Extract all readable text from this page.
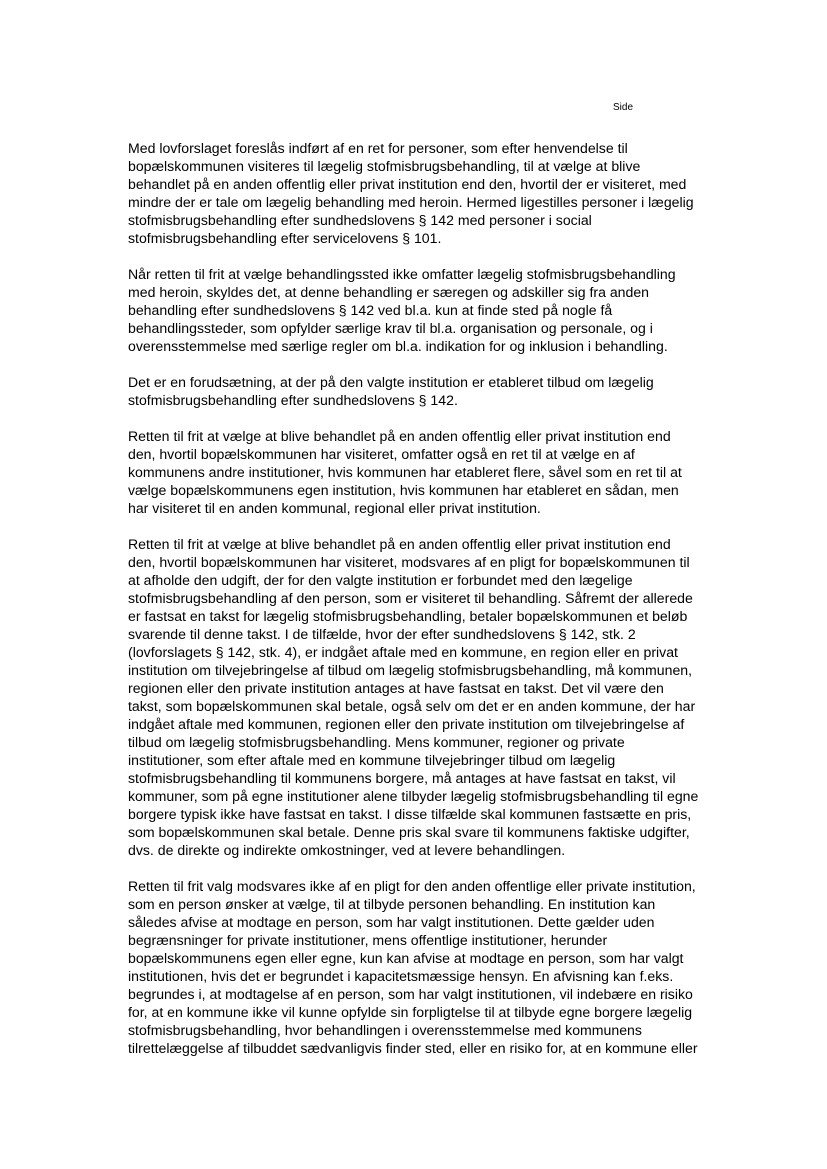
Side

Med lovforslaget foreslås indført af en ret for personer, som efter henvendelse til
bopælskommunen visiteres til lægelig stofmisbrugsbehandling, til at vælge at blive
behandlet på en anden offentlig eller privat institution end den, hvortil der er visiteret, med
mindre der er tale om lægelig behandling med heroin. Hermed ligestilles personer i lægelig
stofmisbrugsbehandling efter sundhedslovens § 142 med personer i social
stofmisbrugsbehandling efter servicelovens § 101.

Når retten til frit at vælge behandlingssted ikke omfatter lægelig stofmisbrugsbehandling
med heroin, skyldes det, at denne behandling er særegen og adskiller sig fra anden
behandling efter sundhedslovens § 142 ved bl.a. kun at finde sted på nogle få
behandlingssteder, som opfylder særlige krav til bl.a. organisation og personale, og i
overensstemmelse med særlige regler om bl.a. indikation for og inklusion i behandling.

Det er en forudsætning, at der på den valgte institution er etableret tilbud om lægelig
stofmisbrugsbehandling efter sundhedslovens § 142.

Retten til frit at vælge at blive behandlet på en anden offentlig eller privat institution end
den, hvortil bopælskommunen har visiteret, omfatter også en ret til at vælge en af
kommunens andre institutioner, hvis kommunen har etableret flere, såvel som en ret til at
vælge bopælskommunens egen institution, hvis kommunen har etableret en sådan, men
har visiteret til en anden kommunal, regional eller privat institution.

Retten til frit at vælge at blive behandlet på en anden offentlig eller privat institution end
den, hvortil bopælskommunen har visiteret, modsvares af en pligt for bopælskommunen til
at afholde den udgift, der for den valgte institution er forbundet med den lægelige
stofmisbrugsbehandling af den person, som er visiteret til behandling. Såfremt der allerede
er fastsat en takst for lægelig stofmisbrugsbehandling, betaler bopælskommunen et beløb
svarende til denne takst. I de tilfælde, hvor der efter sundhedslovens § 142, stk. 2
(lovforslagets § 142, stk. 4), er indgået aftale med en kommune, en region eller en privat
institution om tilvejebringelse af tilbud om lægelig stofmisbrugsbehandling, må kommunen,
regionen eller den private institution antages at have fastsat en takst. Det vil være den
takst, som bopælskommunen skal betale, også selv om det er en anden kommune, der har
indgået aftale med kommunen, regionen eller den private institution om tilvejebringelse af
tilbud om lægelig stofmisbrugsbehandling. Mens kommuner, regioner og private
institutioner, som efter aftale med en kommune tilvejebringer tilbud om lægelig
stofmisbrugsbehandling til kommunens borgere, må antages at have fastsat en takst, vil
kommuner, som på egne institutioner alene tilbyder lægelig stofmisbrugsbehandling til egne
borgere typisk ikke have fastsat en takst. I disse tilfælde skal kommunen fastsætte en pris,
som bopælskommunen skal betale. Denne pris skal svare til kommunens faktiske udgifter,
dvs. de direkte og indirekte omkostninger, ved at levere behandlingen.

Retten til frit valg modsvares ikke af en pligt for den anden offentlige eller private institution,
som en person ønsker at vælge, til at tilbyde personen behandling. En institution kan
således afvise at modtage en person, som har valgt institutionen. Dette gælder uden
begrænsninger for private institutioner, mens offentlige institutioner, herunder
bopælskommunens egen eller egne, kun kan afvise at modtage en person, som har valgt
institutionen, hvis det er begrundet i kapacitetsmæssige hensyn. En afvisning kan f.eks.
begrundes i, at modtagelse af en person, som har valgt institutionen, vil indebære en risiko
for, at en kommune ikke vil kunne opfylde sin forpligtelse til at tilbyde egne borgere lægelig
stofmisbrugsbehandling, hvor behandlingen i overensstemmelse med kommunens
tilrettelæggelse af tilbuddet sædvanligvis finder sted, eller en risiko for, at en kommune eller
